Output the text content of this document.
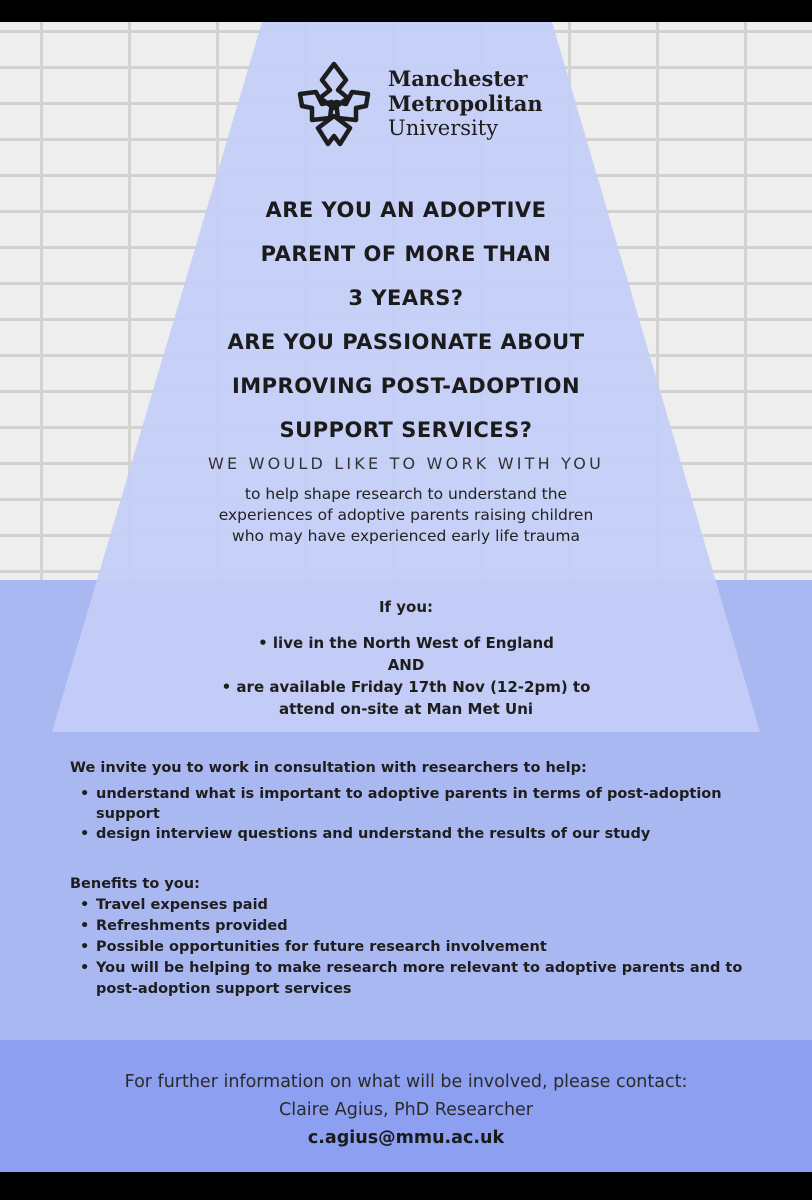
Manchester
Metropolitan
University
ARE YOU AN ADOPTIVE
PARENT OF MORE THAN
3 YEARS?
ARE YOU PASSIONATE ABOUT
IMPROVING POST-ADOPTION
SUPPORT SERVICES?
WE WOULD LIKE TO WORK WITH YOU
to help shape research to understand the
experiences of adoptive parents raising children
who may have experienced early life trauma
If you:
• live in the North West of England
AND
• are available Friday 17th Nov (12-2pm) to
attend on-site at Man Met Uni
We invite you to work in consultation with researchers to help:
• understand what is important to adoptive parents in terms of post-adoption support
• design interview questions and understand the results of our study
Benefits to you:
• Travel expenses paid
• Refreshments provided
• Possible opportunities for future research involvement
• You will be helping to make research more relevant to adoptive parents and to post-adoption support services
For further information on what will be involved, please contact:
Claire Agius, PhD Researcher
c.agius@mmu.ac.uk
